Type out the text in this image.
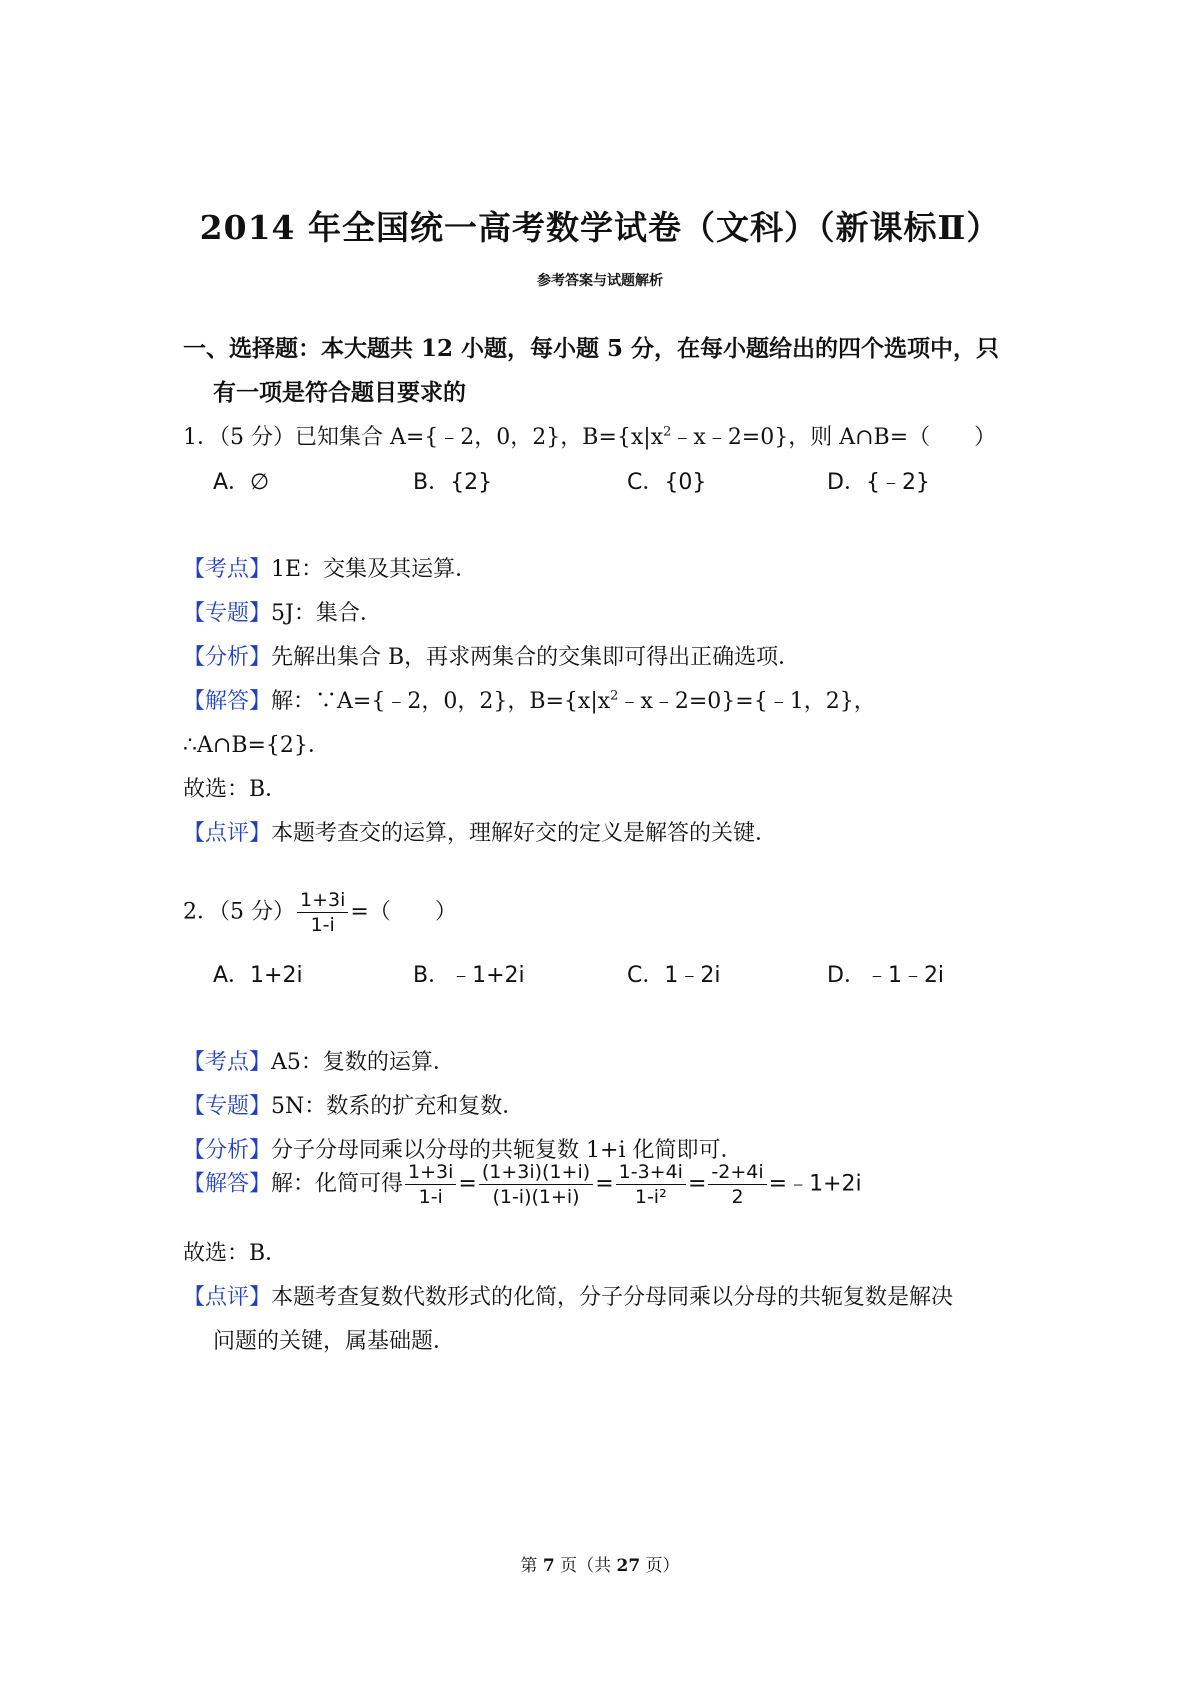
2014 年全国统一高考数学试卷（文科）（新课标Ⅱ）
参考答案与试题解析
一、选择题：本大题共 12 小题，每小题 5 分，在每小题给出的四个选项中，只
有一项是符合题目要求的
1．（5 分）已知集合 A={﹣2，0，2}，$B=\{x|x^2﹣x﹣2=0\}$，则 A∩B=（　　）
A．∅	B．{2}	C．{0}	D．{﹣2}
【考点】1E：交集及其运算．
【专题】5J：集合．
【分析】先解出集合 B，再求两集合的交集即可得出正确选项．
【解答】解：∵A={﹣2，0，2}，$B=\{x|x^2﹣x﹣2=0\}=\{﹣1$，2}，
∴A∩B={2}．
故选：B．
【点评】本题考查交的运算，理解好交的定义是解答的关键．
2．（5 分） $\frac{1+3i}{1-i}$ =（　　）
A．1+2i	B．﹣1+2i	C．1﹣2i	D．﹣1﹣2i
【考点】A5：复数的运算．
【专题】5N：数系的扩充和复数．
【分析】分子分母同乘以分母的共轭复数 1+i 化简即可．
【解答】解：化简可得 $\frac{1+3i}{1-i} = \frac{(1+3i)(1+i)}{(1-i)(1+i)} = \frac{1-3+4i}{\text{1-i²}} = \frac{-2+4i}{2}$ =﹣1+2i
故选：B．
【点评】本题考查复数代数形式的化简，分子分母同乘以分母的共轭复数是解决
问题的关键，属基础题．
第 7 页（共 27 页）
